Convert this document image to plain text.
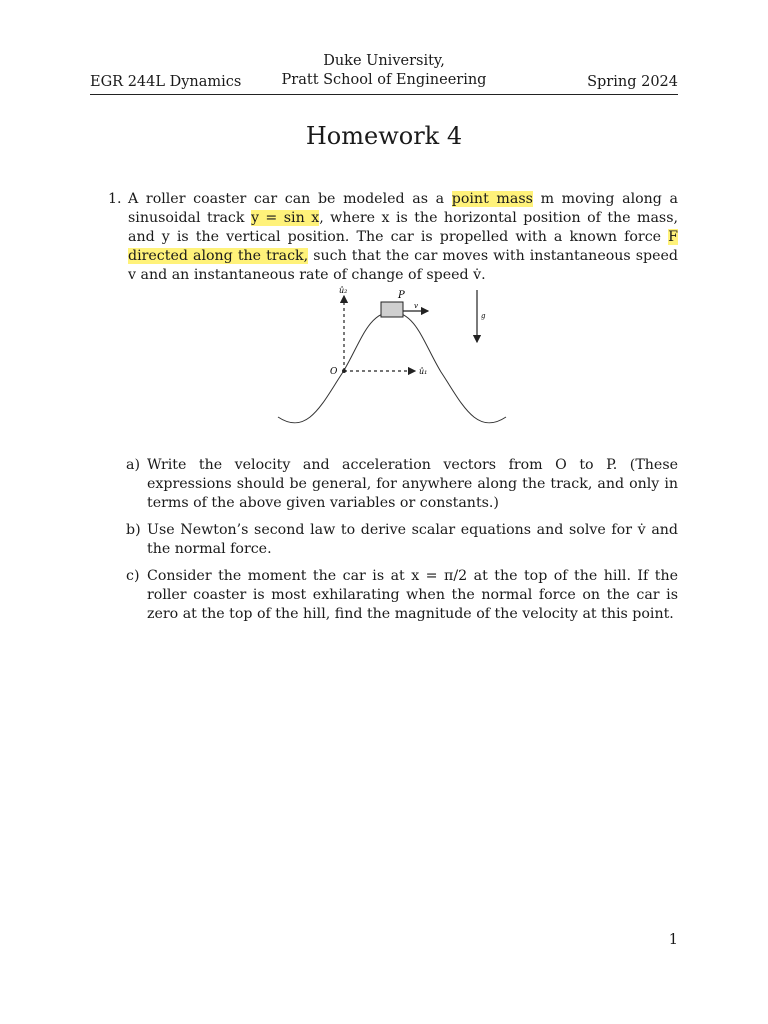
EGR 244L Dynamics
Duke University,
Pratt School of Engineering	Spring 2024
Homework 4
1. A roller coaster car can be modeled as a point mass m moving along a sinusoidal track y = sin x, where x is the horizontal position of the mass, and y is the vertical position. The car is propelled with a known force F directed along the track, such that the car moves with instantaneous speed v and an instantaneous rate of change of speed v̇.
û₂	P
v
g
O	û₁
a) Write the velocity and acceleration vectors from O to P. (These expressions should be general, for anywhere along the track, and only in terms of the above given variables or constants.)
b) Use Newton’s second law to derive scalar equations and solve for v̇ and the normal force.
c) Consider the moment the car is at x = π/2 at the top of the hill. If the roller coaster is most exhilarating when the normal force on the car is zero at the top of the hill, find the magnitude of the velocity at this point.
1
